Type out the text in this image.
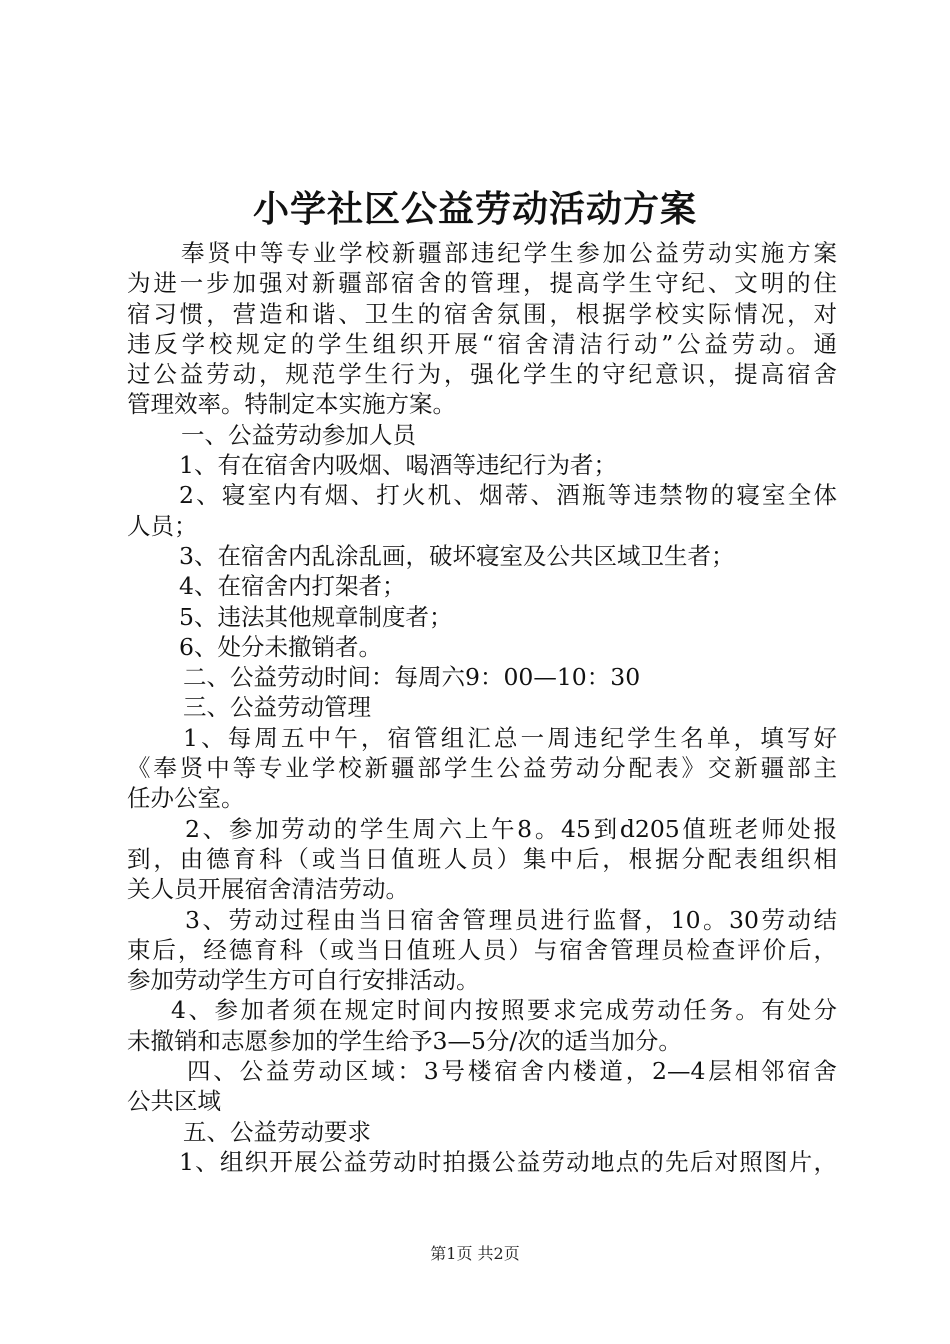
小学社区公益劳动活动方案
奉贤中等专业学校新疆部违纪学生参加公益劳动实施方案
为进一步加强对新疆部宿舍的管理，提高学生守纪、文明的住
宿习惯，营造和谐、卫生的宿舍氛围，根据学校实际情况，对
违反学校规定的学生组织开展“宿舍清洁行动”公益劳动。通
过公益劳动，规范学生行为，强化学生的守纪意识，提高宿舍
管理效率。特制定本实施方案。
一、公益劳动参加人员
1、有在宿舍内吸烟、喝酒等违纪行为者；
2、寝室内有烟、打火机、烟蒂、酒瓶等违禁物的寝室全体
人员；
3、在宿舍内乱涂乱画，破坏寝室及公共区域卫生者；
4、在宿舍内打架者；
5、违法其他规章制度者；
6、处分未撤销者。
二、公益劳动时间：每周六9：00—10：30
三、公益劳动管理
1、每周五中午，宿管组汇总一周违纪学生名单，填写好
《奉贤中等专业学校新疆部学生公益劳动分配表》交新疆部主
任办公室。
2、参加劳动的学生周六上午8。45到d205值班老师处报
到，由德育科（或当日值班人员）集中后，根据分配表组织相
关人员开展宿舍清洁劳动。
3、劳动过程由当日宿舍管理员进行监督，10。30劳动结
束后，经德育科（或当日值班人员）与宿舍管理员检查评价后，
参加劳动学生方可自行安排活动。
4、参加者须在规定时间内按照要求完成劳动任务。有处分
未撤销和志愿参加的学生给予3—5分/次的适当加分。
四、公益劳动区域：3号楼宿舍内楼道，2—4层相邻宿舍
公共区域
五、公益劳动要求
1、组织开展公益劳动时拍摄公益劳动地点的先后对照图片，
第1页 共2页
